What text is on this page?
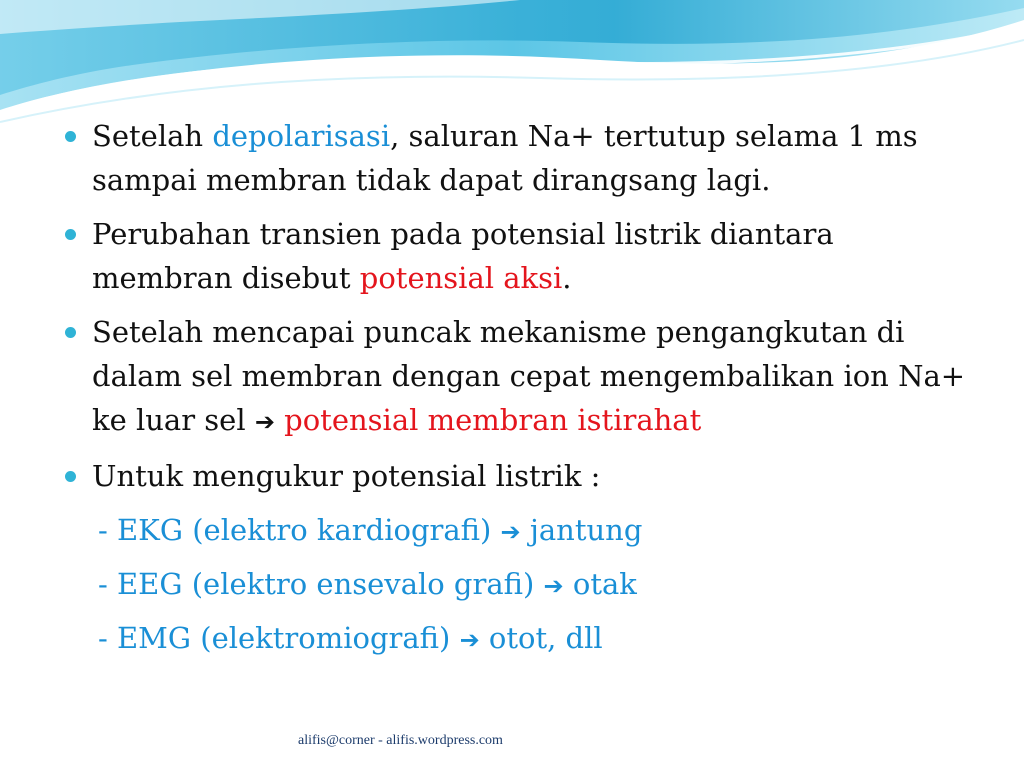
Setelah depolarisasi, saluran Na+ tertutup selama 1 ms sampai membran tidak dapat dirangsang lagi.
Perubahan transien pada potensial listrik diantara membran disebut potensial aksi.
Setelah mencapai puncak mekanisme pengangkutan di dalam sel membran dengan cepat mengembalikan ion Na+ ke luar sel ➔ potensial membran istirahat
Untuk mengukur potensial listrik :
- EKG (elektro kardiografi) ➔ jantung
- EEG (elektro ensevalo grafi) ➔ otak
- EMG (elektromiografi) ➔ otot, dll
alifis@corner - alifis.wordpress.com
